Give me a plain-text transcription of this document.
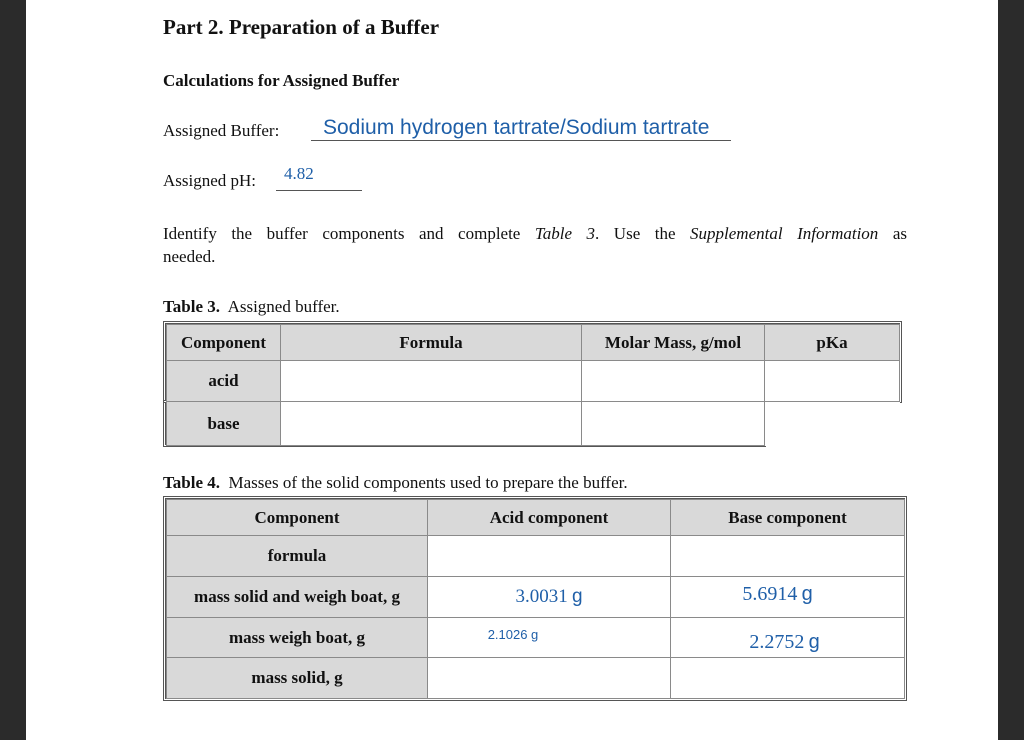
Part 2. Preparation of a Buffer
Calculations for Assigned Buffer
Assigned Buffer: Sodium hydrogen tartrate/Sodium tartrate
Assigned pH: 4.82
Identify the buffer components and complete Table 3. Use the Supplemental Information as
needed.
Table 3. Assigned buffer.
Component	Formula	Molar Mass, g/mol	pKa
acid			
base			
Table 4. Masses of the solid components used to prepare the buffer.
Component	Acid component	Base component
formula		
mass solid and weigh boat, g	3.0031 g	5.6914 g
mass weigh boat, g	$^{2.1026 g}$	2.2752 g
mass solid, g		
